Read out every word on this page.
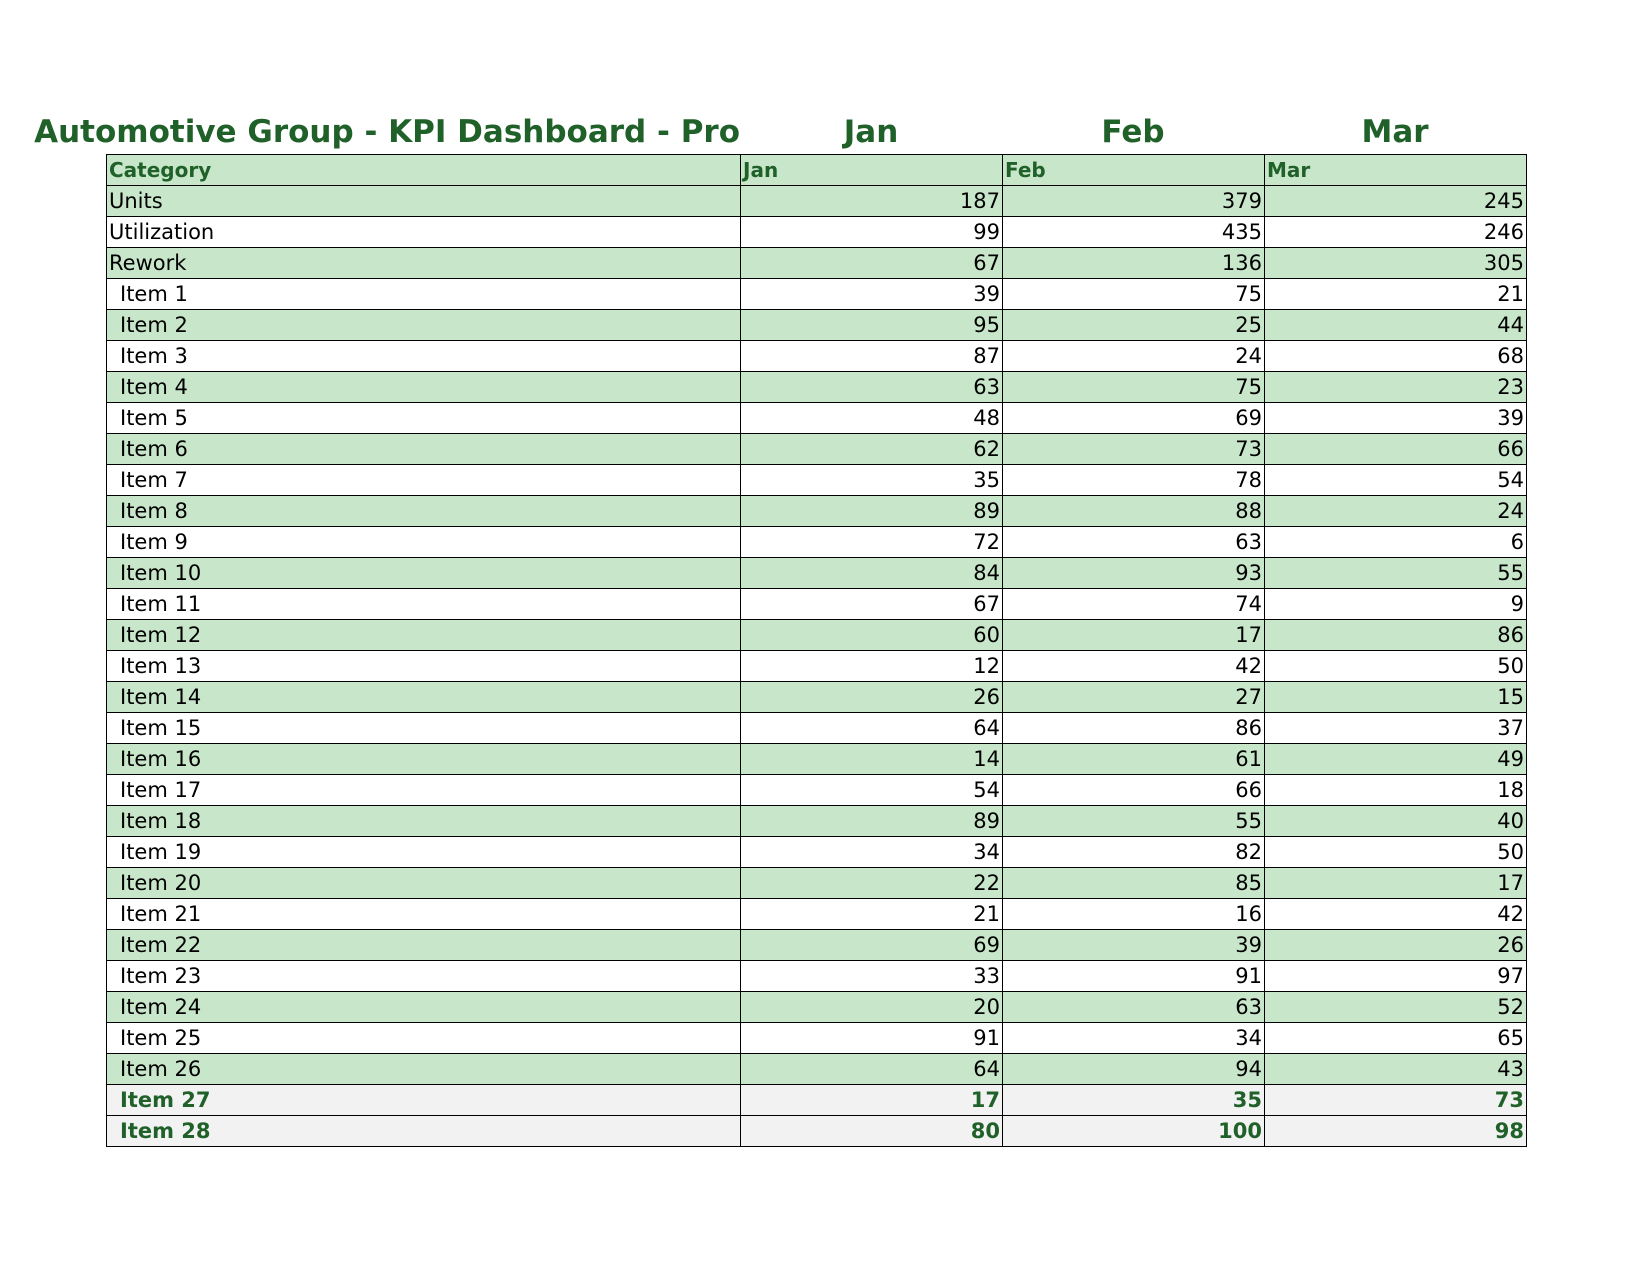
Automotive Group - KPI Dashboard - Pro	Jan	Feb	Mar
Category	Jan	Feb	Mar
Units	187	379	245
Utilization	99	435	246
Rework	67	136	305
Item 1	39	75	21
Item 2	95	25	44
Item 3	87	24	68
Item 4	63	75	23
Item 5	48	69	39
Item 6	62	73	66
Item 7	35	78	54
Item 8	89	88	24
Item 9	72	63	6
Item 10	84	93	55
Item 11	67	74	9
Item 12	60	17	86
Item 13	12	42	50
Item 14	26	27	15
Item 15	64	86	37
Item 16	14	61	49
Item 17	54	66	18
Item 18	89	55	40
Item 19	34	82	50
Item 20	22	85	17
Item 21	21	16	42
Item 22	69	39	26
Item 23	33	91	97
Item 24	20	63	52
Item 25	91	34	65
Item 26	64	94	43
Item 27	17	35	73
Item 28	80	100	98
